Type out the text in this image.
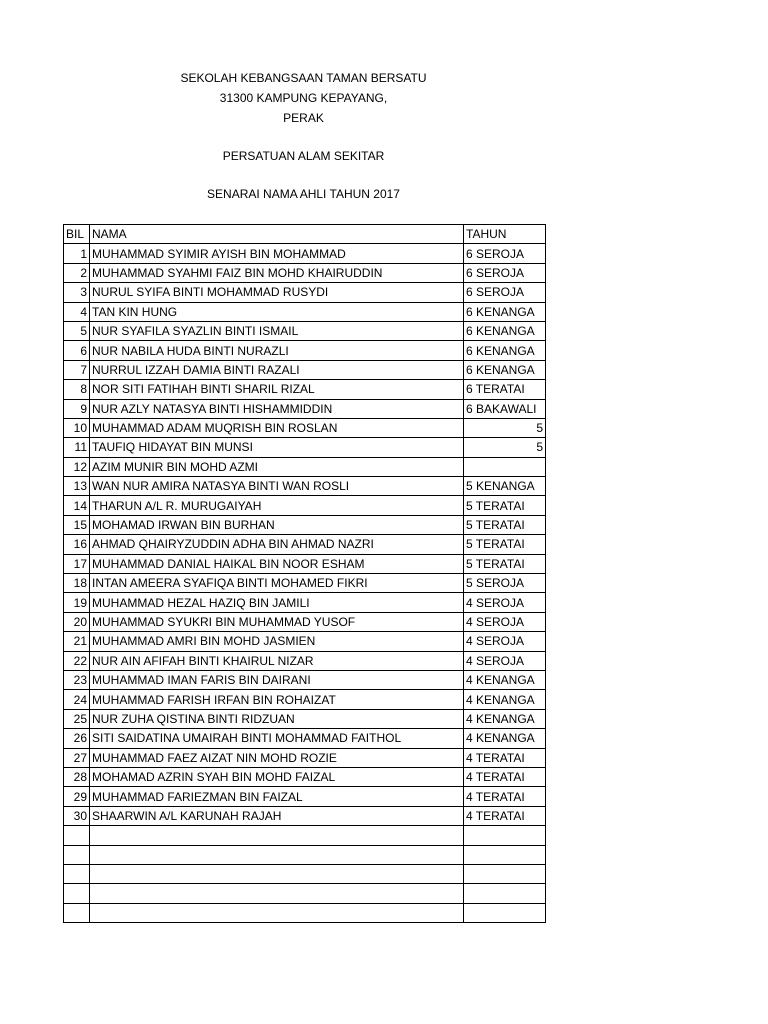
SEKOLAH KEBANGSAAN TAMAN BERSATU
31300 KAMPUNG KEPAYANG,
PERAK
PERSATUAN ALAM SEKITAR
SENARAI NAMA AHLI TAHUN 2017
BIL	NAMA	TAHUN
1	MUHAMMAD SYIMIR AYISH BIN MOHAMMAD	6 SEROJA
2	MUHAMMAD SYAHMI FAIZ BIN MOHD KHAIRUDDIN	6 SEROJA
3	NURUL SYIFA BINTI MOHAMMAD RUSYDI	6 SEROJA
4	TAN KIN HUNG	6 KENANGA
5	NUR SYAFILA SYAZLIN BINTI ISMAIL	6 KENANGA
6	NUR NABILA HUDA BINTI NURAZLI	6 KENANGA
7	NURRUL IZZAH DAMIA BINTI RAZALI	6 KENANGA
8	NOR SITI FATIHAH BINTI SHARIL RIZAL	6 TERATAI
9	NUR AZLY NATASYA BINTI HISHAMMIDDIN	6 BAKAWALI
10	MUHAMMAD ADAM MUQRISH BIN ROSLAN	5
11	TAUFIQ HIDAYAT BIN MUNSI	5
12	AZIM MUNIR BIN MOHD AZMI	
13	WAN NUR AMIRA NATASYA BINTI WAN ROSLI	5 KENANGA
14	THARUN A/L R. MURUGAIYAH	5 TERATAI
15	MOHAMAD IRWAN BIN BURHAN	5 TERATAI
16	AHMAD QHAIRYZUDDIN ADHA BIN AHMAD NAZRI	5 TERATAI
17	MUHAMMAD DANIAL HAIKAL BIN NOOR ESHAM	5 TERATAI
18	INTAN AMEERA SYAFIQA BINTI MOHAMED FIKRI	5 SEROJA
19	MUHAMMAD HEZAL HAZIQ BIN JAMILI	4 SEROJA
20	MUHAMMAD SYUKRI BIN MUHAMMAD YUSOF	4 SEROJA
21	MUHAMMAD AMRI BIN MOHD JASMIEN	4 SEROJA
22	NUR AIN AFIFAH BINTI KHAIRUL NIZAR	4 SEROJA
23	MUHAMMAD IMAN FARIS BIN DAIRANI	4 KENANGA
24	MUHAMMAD FARISH IRFAN BIN ROHAIZAT	4 KENANGA
25	NUR ZUHA QISTINA BINTI RIDZUAN	4 KENANGA
26	SITI SAIDATINA UMAIRAH BINTI MOHAMMAD FAITHOL	4 KENANGA
27	MUHAMMAD FAEZ AIZAT NIN MOHD ROZIE	4 TERATAI
28	MOHAMAD AZRIN SYAH BIN MOHD FAIZAL	4 TERATAI
29	MUHAMMAD FARIEZMAN BIN FAIZAL	4 TERATAI
30	SHAARWIN A/L KARUNAH RAJAH	4 TERATAI
